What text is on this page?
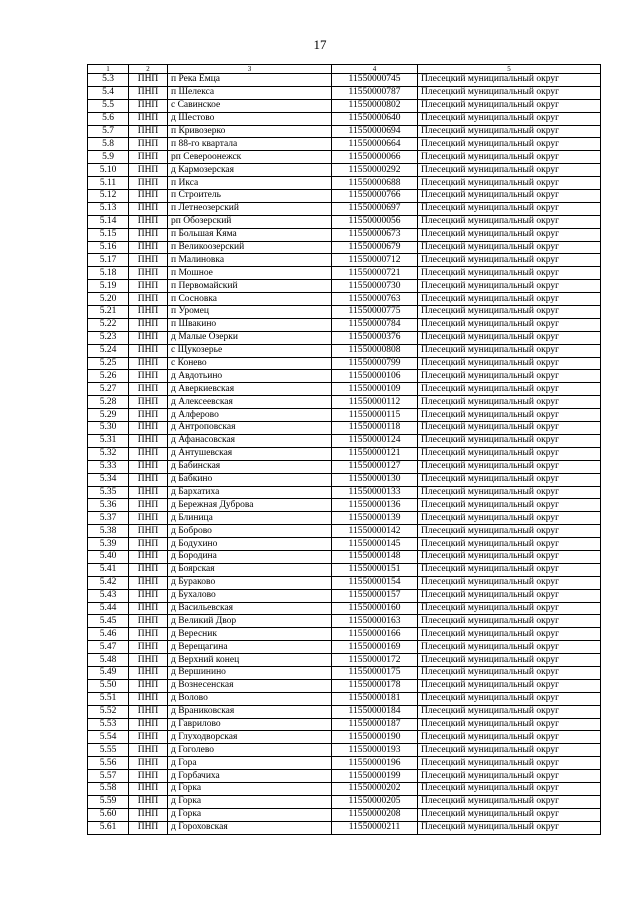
17
1	2	3	4	5
5.3	ПНП	п Река Емца	11550000745	Плесецкий муниципальный округ
5.4	ПНП	п Шелекса	11550000787	Плесецкий муниципальный округ
5.5	ПНП	с Савинское	11550000802	Плесецкий муниципальный округ
5.6	ПНП	д Шестово	11550000640	Плесецкий муниципальный округ
5.7	ПНП	п Кривозерко	11550000694	Плесецкий муниципальный округ
5.8	ПНП	п 88-го квартала	11550000664	Плесецкий муниципальный округ
5.9	ПНП	рп Североонежск	11550000066	Плесецкий муниципальный округ
5.10	ПНП	д Кармозерская	11550000292	Плесецкий муниципальный округ
5.11	ПНП	п Икса	11550000688	Плесецкий муниципальный округ
5.12	ПНП	п Строитель	11550000766	Плесецкий муниципальный округ
5.13	ПНП	п Летнеозерский	11550000697	Плесецкий муниципальный округ
5.14	ПНП	рп Обозерский	11550000056	Плесецкий муниципальный округ
5.15	ПНП	п Большая Кяма	11550000673	Плесецкий муниципальный округ
5.16	ПНП	п Великоозерский	11550000679	Плесецкий муниципальный округ
5.17	ПНП	п Малиновка	11550000712	Плесецкий муниципальный округ
5.18	ПНП	п Мошное	11550000721	Плесецкий муниципальный округ
5.19	ПНП	п Первомайский	11550000730	Плесецкий муниципальный округ
5.20	ПНП	п Сосновка	11550000763	Плесецкий муниципальный округ
5.21	ПНП	п Уромец	11550000775	Плесецкий муниципальный округ
5.22	ПНП	п Швакино	11550000784	Плесецкий муниципальный округ
5.23	ПНП	д Малые Озерки	11550000376	Плесецкий муниципальный округ
5.24	ПНП	с Щукозерье	11550000808	Плесецкий муниципальный округ
5.25	ПНП	с Конево	11550000799	Плесецкий муниципальный округ
5.26	ПНП	д Авдотьино	11550000106	Плесецкий муниципальный округ
5.27	ПНП	д Аверкиевская	11550000109	Плесецкий муниципальный округ
5.28	ПНП	д Алексеевская	11550000112	Плесецкий муниципальный округ
5.29	ПНП	д Алферово	11550000115	Плесецкий муниципальный округ
5.30	ПНП	д Антроповская	11550000118	Плесецкий муниципальный округ
5.31	ПНП	д Афанасовская	11550000124	Плесецкий муниципальный округ
5.32	ПНП	д Антушевская	11550000121	Плесецкий муниципальный округ
5.33	ПНП	д Бабинская	11550000127	Плесецкий муниципальный округ
5.34	ПНП	д Бабкино	11550000130	Плесецкий муниципальный округ
5.35	ПНП	д Бархатиха	11550000133	Плесецкий муниципальный округ
5.36	ПНП	д Бережная Дуброва	11550000136	Плесецкий муниципальный округ
5.37	ПНП	д Блиница	11550000139	Плесецкий муниципальный округ
5.38	ПНП	д Боброво	11550000142	Плесецкий муниципальный округ
5.39	ПНП	д Бодухино	11550000145	Плесецкий муниципальный округ
5.40	ПНП	д Бородина	11550000148	Плесецкий муниципальный округ
5.41	ПНП	д Боярская	11550000151	Плесецкий муниципальный округ
5.42	ПНП	д Бураково	11550000154	Плесецкий муниципальный округ
5.43	ПНП	д Бухалово	11550000157	Плесецкий муниципальный округ
5.44	ПНП	д Васильевская	11550000160	Плесецкий муниципальный округ
5.45	ПНП	д Великий Двор	11550000163	Плесецкий муниципальный округ
5.46	ПНП	д Вересник	11550000166	Плесецкий муниципальный округ
5.47	ПНП	д Верещагина	11550000169	Плесецкий муниципальный округ
5.48	ПНП	д Верхний конец	11550000172	Плесецкий муниципальный округ
5.49	ПНП	д Вершинино	11550000175	Плесецкий муниципальный округ
5.50	ПНП	д Вознесенская	11550000178	Плесецкий муниципальный округ
5.51	ПНП	д Волово	11550000181	Плесецкий муниципальный округ
5.52	ПНП	д Враниковская	11550000184	Плесецкий муниципальный округ
5.53	ПНП	д Гаврилово	11550000187	Плесецкий муниципальный округ
5.54	ПНП	д Глуходворская	11550000190	Плесецкий муниципальный округ
5.55	ПНП	д Гоголево	11550000193	Плесецкий муниципальный округ
5.56	ПНП	д Гора	11550000196	Плесецкий муниципальный округ
5.57	ПНП	д Горбачиха	11550000199	Плесецкий муниципальный округ
5.58	ПНП	д Горка	11550000202	Плесецкий муниципальный округ
5.59	ПНП	д Горка	11550000205	Плесецкий муниципальный округ
5.60	ПНП	д Горка	11550000208	Плесецкий муниципальный округ
5.61	ПНП	д Гороховская	11550000211	Плесецкий муниципальный округ
